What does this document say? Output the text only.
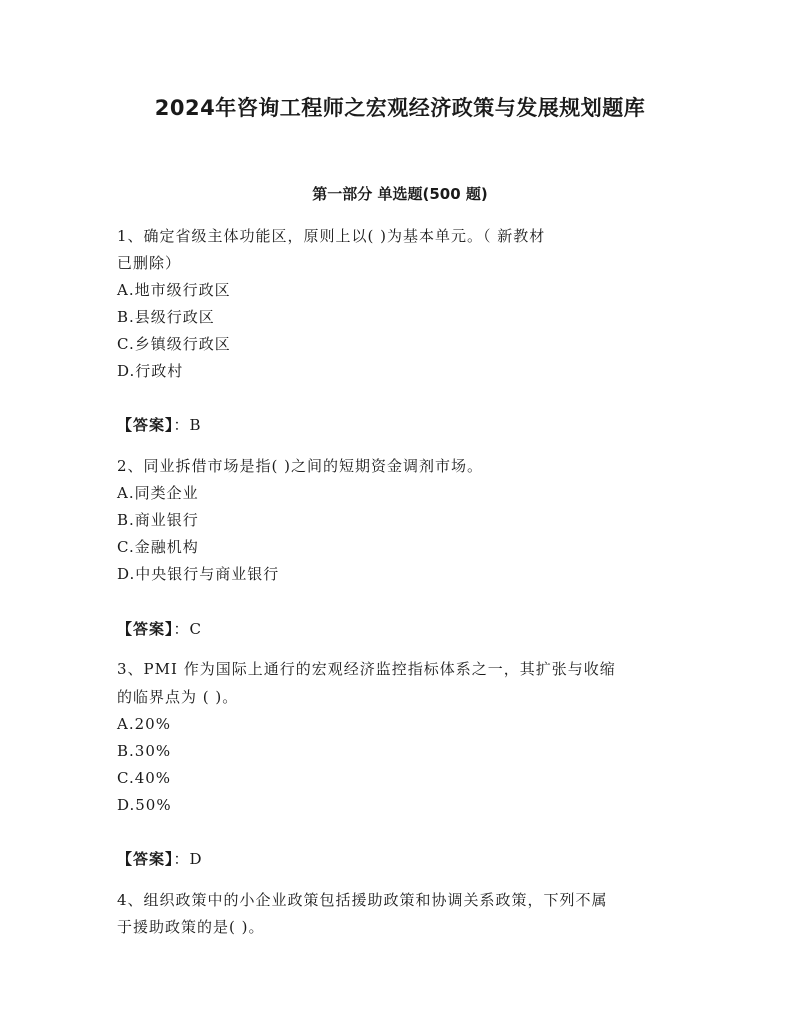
2024年咨询工程师之宏观经济政策与发展规划题库
第一部分 单选题(500 题)
1、确定省级主体功能区，原则上以( )为基本单元。（ 新教材
已删除）
A.地市级行政区
B.县级行政区
C.乡镇级行政区
D.行政村
【答案】：B
2、同业拆借市场是指( )之间的短期资金调剂市场。
A.同类企业
B.商业银行
C.金融机构
D.中央银行与商业银行
【答案】：C
3、PMI 作为国际上通行的宏观经济监控指标体系之一，其扩张与收缩
的临界点为 ( )。
A.20%
B.30%
C.40%
D.50%
【答案】：D
4、组织政策中的小企业政策包括援助政策和协调关系政策，下列不属
于援助政策的是( )。
